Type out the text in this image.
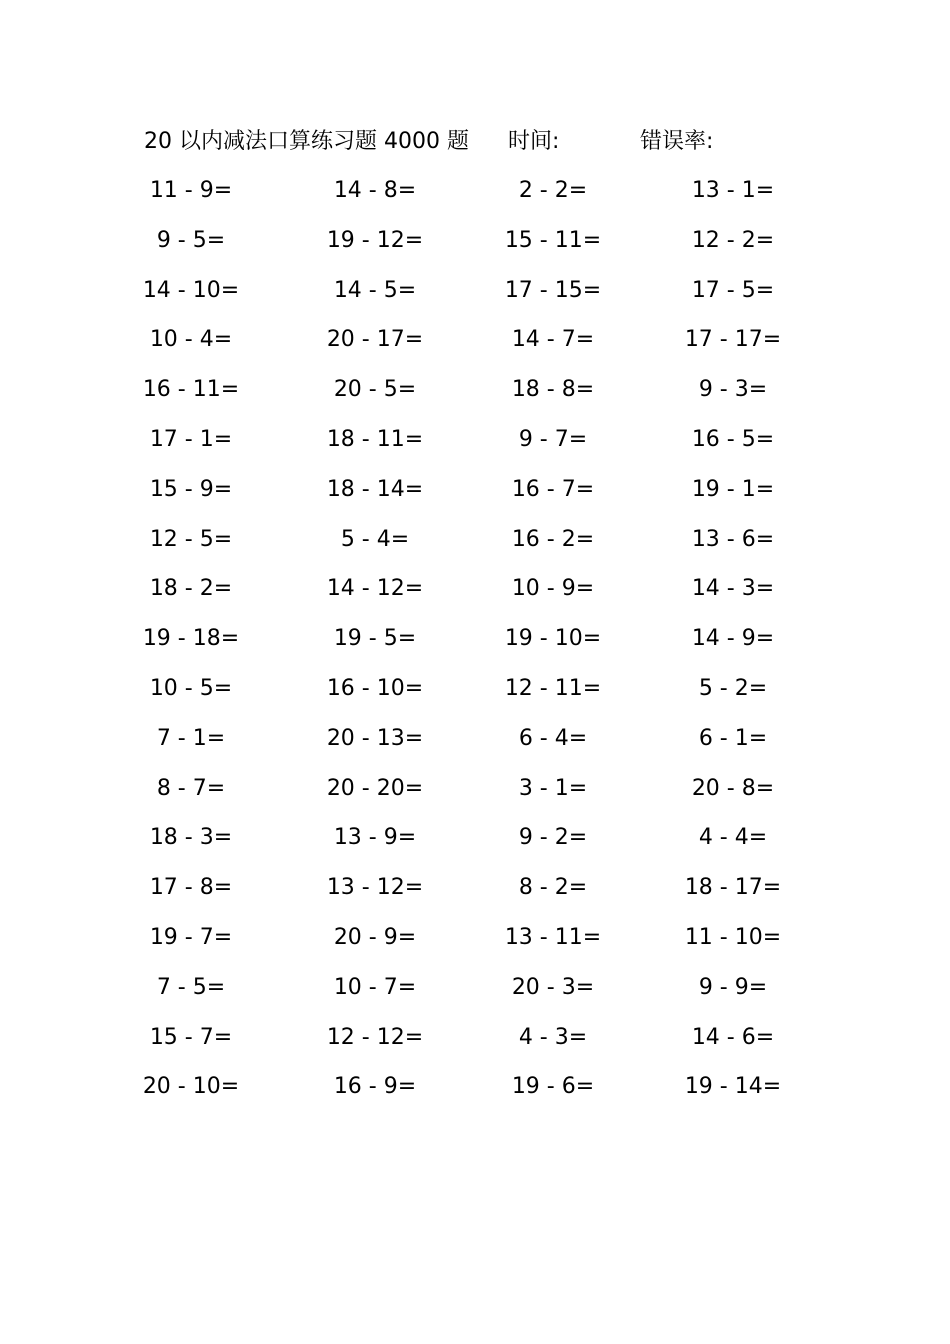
20 以内减法口算练习题 4000 题 时间:	错误率:
11 - 9=	14 - 8=	2 - 2=	13 - 1=
9 - 5=	19 - 12=	15 - 11=	12 - 2=
14 - 10=	14 - 5=	17 - 15=	17 - 5=
10 - 4=	20 - 17=	14 - 7=	17 - 17=
16 - 11=	20 - 5=	18 - 8=	9 - 3=
17 - 1=	18 - 11=	9 - 7=	16 - 5=
15 - 9=	18 - 14=	16 - 7=	19 - 1=
12 - 5=	5 - 4=	16 - 2=	13 - 6=
18 - 2=	14 - 12=	10 - 9=	14 - 3=
19 - 18=	19 - 5=	19 - 10=	14 - 9=
10 - 5=	16 - 10=	12 - 11=	5 - 2=
7 - 1=	20 - 13=	6 - 4=	6 - 1=
8 - 7=	20 - 20=	3 - 1=	20 - 8=
18 - 3=	13 - 9=	9 - 2=	4 - 4=
17 - 8=	13 - 12=	8 - 2=	18 - 17=
19 - 7=	20 - 9=	13 - 11=	11 - 10=
7 - 5=	10 - 7=	20 - 3=	9 - 9=
15 - 7=	12 - 12=	4 - 3=	14 - 6=
20 - 10=	16 - 9=	19 - 6=	19 - 14=
